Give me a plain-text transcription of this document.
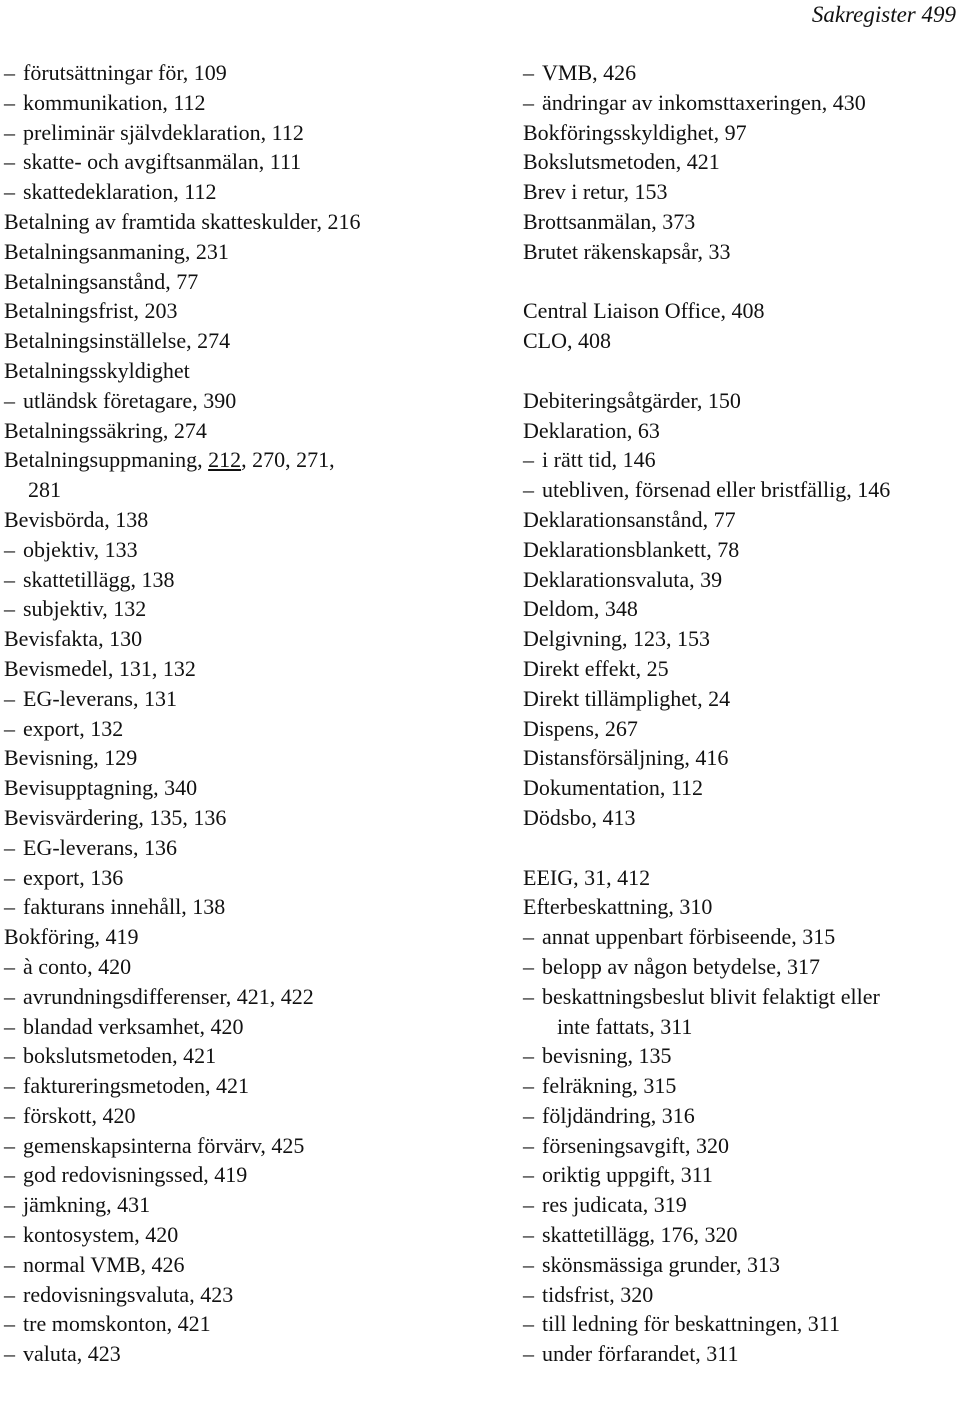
Sakregister 499
– förutsättningar för, 109
– kommunikation, 112
– preliminär självdeklaration, 112
– skatte- och avgiftsanmälan, 111
– skattedeklaration, 112
Betalning av framtida skatteskulder, 216
Betalningsanmaning, 231
Betalningsanstånd, 77
Betalningsfrist, 203
Betalningsinställelse, 274
Betalningsskyldighet
– utländsk företagare, 390
Betalningssäkring, 274
Betalningsuppmaning, 212, 270, 271,
281
Bevisbörda, 138
– objektiv, 133
– skattetillägg, 138
– subjektiv, 132
Bevisfakta, 130
Bevismedel, 131, 132
– EG-leverans, 131
– export, 132
Bevisning, 129
Bevisupptagning, 340
Bevisvärdering, 135, 136
– EG-leverans, 136
– export, 136
– fakturans innehåll, 138
Bokföring, 419
– à conto, 420
– avrundningsdifferenser, 421, 422
– blandad verksamhet, 420
– bokslutsmetoden, 421
– faktureringsmetoden, 421
– förskott, 420
– gemenskapsinterna förvärv, 425
– god redovisningssed, 419
– jämkning, 431
– kontosystem, 420
– normal VMB, 426
– redovisningsvaluta, 423
– tre momskonton, 421
– valuta, 423
– VMB, 426
– ändringar av inkomsttaxeringen, 430
Bokföringsskyldighet, 97
Bokslutsmetoden, 421
Brev i retur, 153
Brottsanmälan, 373
Brutet räkenskapsår, 33
Central Liaison Office, 408
CLO, 408
Debiteringsåtgärder, 150
Deklaration, 63
– i rätt tid, 146
– utebliven, försenad eller bristfällig, 146
Deklarationsanstånd, 77
Deklarationsblankett, 78
Deklarationsvaluta, 39
Deldom, 348
Delgivning, 123, 153
Direkt effekt, 25
Direkt tillämplighet, 24
Dispens, 267
Distansförsäljning, 416
Dokumentation, 112
Dödsbo, 413
EEIG, 31, 412
Efterbeskattning, 310
– annat uppenbart förbiseende, 315
– belopp av någon betydelse, 317
– beskattningsbeslut blivit felaktigt eller
inte fattats, 311
– bevisning, 135
– felräkning, 315
– följdändring, 316
– förseningsavgift, 320
– oriktig uppgift, 311
– res judicata, 319
– skattetillägg, 176, 320
– skönsmässiga grunder, 313
– tidsfrist, 320
– till ledning för beskattningen, 311
– under förfarandet, 311
